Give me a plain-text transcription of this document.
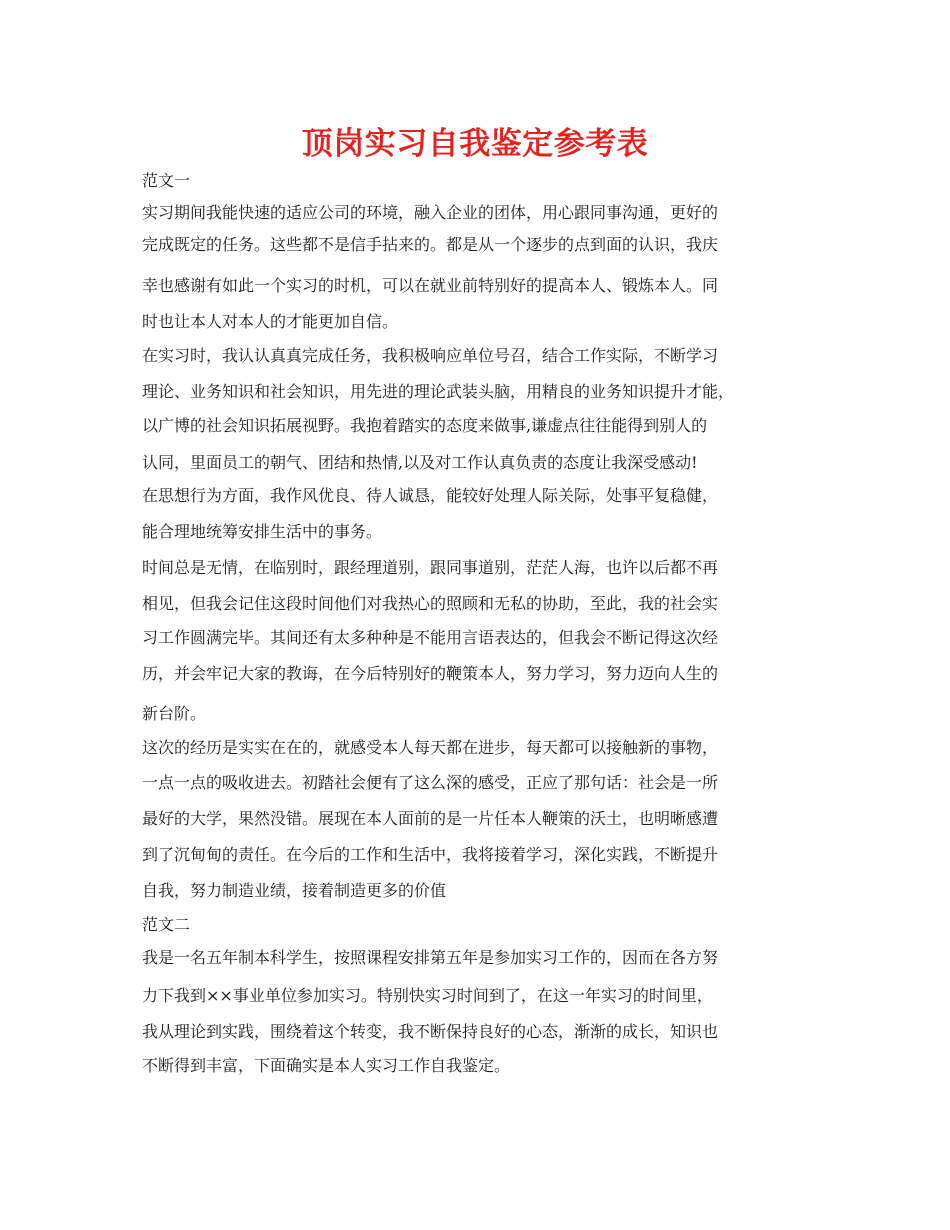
顶岗实习自我鉴定参考表

范文一

实习期间我能快速的适应公司的环境，融入企业的团体，用心跟同事沟通，更好的

完成既定的任务。这些都不是信手拈来的。都是从一个逐步的点到面的认识，我庆

幸也感谢有如此一个实习的时机，可以在就业前特别好的提高本人、锻炼本人。同

时也让本人对本人的才能更加自信。

在实习时，我认认真真完成任务，我积极响应单位号召，结合工作实际，不断学习

理论、业务知识和社会知识，用先进的理论武装头脑，用精良的业务知识提升才能，

以广博的社会知识拓展视野。我抱着踏实的态度来做事,谦虚点往往能得到别人的

认同，里面员工的朝气、团结和热情,以及对工作认真负责的态度让我深受感动!

在思想行为方面，我作风优良、待人诚恳，能较好处理人际关际，处事平复稳健，

能合理地统筹安排生活中的事务。

时间总是无情，在临别时，跟经理道别，跟同事道别，茫茫人海，也许以后都不再

相见，但我会记住这段时间他们对我热心的照顾和无私的协助，至此，我的社会实

习工作圆满完毕。其间还有太多种种是不能用言语表达的，但我会不断记得这次经

历，并会牢记大家的教诲，在今后特别好的鞭策本人，努力学习，努力迈向人生的

新台阶。

这次的经历是实实在在的，就感受本人每天都在进步，每天都可以接触新的事物，

一点一点的吸收进去。初踏社会便有了这么深的感受，正应了那句话：社会是一所

最好的大学，果然没错。展现在本人面前的是一片任本人鞭策的沃土，也明晰感遭

到了沉甸甸的责任。在今后的工作和生活中，我将接着学习，深化实践，不断提升

自我，努力制造业绩，接着制造更多的价值

范文二

我是一名五年制本科学生，按照课程安排第五年是参加实习工作的，因而在各方努

力下我到××事业单位参加实习。特别快实习时间到了，在这一年实习的时间里，

我从理论到实践，围绕着这个转变，我不断保持良好的心态，渐渐的成长，知识也

不断得到丰富，下面确实是本人实习工作自我鉴定。
